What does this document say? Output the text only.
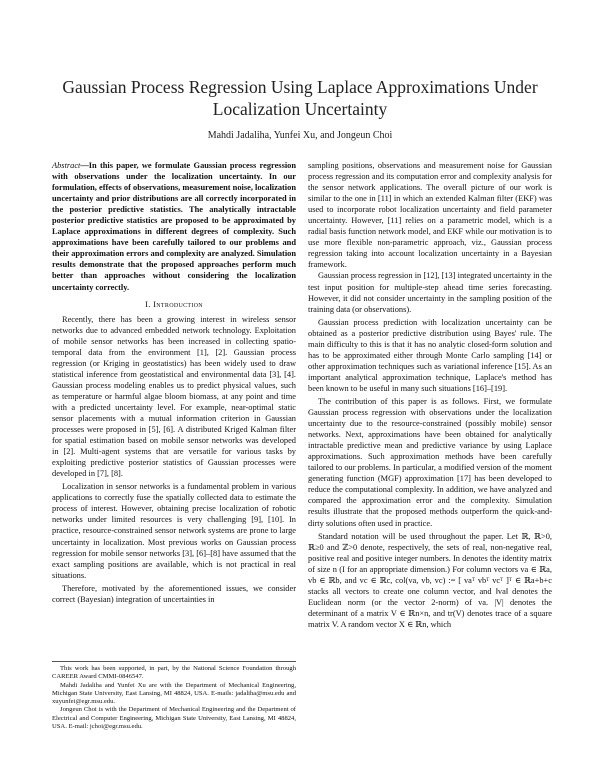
Gaussian Process Regression Using Laplace Approximations Under Localization Uncertainty
Mahdi Jadaliha, Yunfei Xu, and Jongeun Choi
Abstract—In this paper, we formulate Gaussian process regression with observations under the localization uncertainty. In our formulation, effects of observations, measurement noise, localization uncertainty and prior distributions are all correctly incorporated in the posterior predictive statistics. The analytically intractable posterior predictive statistics are proposed to be approximated by Laplace approximations in different degrees of complexity. Such approximations have been carefully tailored to our problems and their approximation errors and complexity are analyzed. Simulation results demonstrate that the proposed approaches perform much better than approaches without considering the localization uncertainty correctly.
I. Introduction

Recently, there has been a growing interest in wireless sensor networks due to advanced embedded network technology. Exploitation of mobile sensor networks has been increased in collecting spatio-temporal data from the environment [1], [2]. Gaussian process regression (or Kriging in geostatistics) has been widely used to draw statistical inference from geostatistical and environmental data [3], [4]. Gaussian process modeling enables us to predict physical values, such as temperature or harmful algae bloom biomass, at any point and time with a predicted uncertainty level. For example, near-optimal static sensor placements with a mutual information criterion in Gaussian processes were proposed in [5], [6]. A distributed Kriged Kalman filter for spatial estimation based on mobile sensor networks was developed in [2]. Multi-agent systems that are versatile for various tasks by exploiting predictive posterior statistics of Gaussian processes were developed in [7], [8].

Localization in sensor networks is a fundamental problem in various applications to correctly fuse the spatially collected data to estimate the process of interest. However, obtaining precise localization of robotic networks under limited resources is very challenging [9], [10]. In practice, resource-constrained sensor network systems are prone to large uncertainty in localization. Most previous works on Gaussian process regression for mobile sensor networks [3], [6]–[8] have assumed that the exact sampling positions are available, which is not practical in real situations.

Therefore, motivated by the aforementioned issues, we consider correct (Bayesian) integration of uncertainties in

sampling positions, observations and measurement noise for Gaussian process regression and its computation error and complexity analysis for the sensor network applications. The overall picture of our work is similar to the one in [11] in which an extended Kalman filter (EKF) was used to incorporate robot localization uncertainty and field parameter uncertainty. However, [11] relies on a parametric model, which is a radial basis function network model, and EKF while our motivation is to use more flexible non-parametric approach, viz., Gaussian process regression taking into account localization uncertainty in a Bayesian framework.

Gaussian process regression in [12], [13] integrated uncertainty in the test input position for multiple-step ahead time series forecasting. However, it did not consider uncertainty in the sampling position of the training data (or observations).

Gaussian process prediction with localization uncertainty can be obtained as a posterior predictive distribution using Bayes' rule. The main difficulty to this is that it has no analytic closed-form solution and has to be approximated either through Monte Carlo sampling [14] or other approximation techniques such as variational inference [15]. As an important analytical approximation technique, Laplace's method has been known to be useful in many such situations [16]–[19].

The contribution of this paper is as follows. First, we formulate Gaussian process regression with observations under the localization uncertainty due to the resource-constrained (possibly mobile) sensor networks. Next, approximations have been obtained for analytically intractable predictive mean and predictive variance by using Laplace approximations. Such approximation methods have been carefully tailored to our problems. In particular, a modified version of the moment generating function (MGF) approximation [17] has been developed to reduce the computational complexity. In addition, we have analyzed and compared the approximation error and the complexity. Simulation results illustrate that the proposed methods outperform the quick-and-dirty solutions often used in practice.

Standard notation will be used throughout the paper. Let ℝ, ℝ>0, ℝ≥0 and ℤ>0 denote, respectively, the sets of real, non-negative real, positive real and positive integer numbers. In denotes the identity matrix of size n (I for an appropriate dimension.) For column vectors va ∈ ℝa, vb ∈ ℝb, and vc ∈ ℝc, col(va, vb, vc) := [ vaᵀ vbᵀ vcᵀ ]ᵀ ∈ ℝa+b+c stacks all vectors to create one column vector, and ‖va‖ denotes the Euclidean norm (or the vector 2-norm) of va. |V| denotes the determinant of a matrix V ∈ ℝn×n, and tr(V) denotes trace of a square matrix V. A random vector X ∈ ℝn, which

This work has been supported, in part, by the National Science Foundation through CAREER Award CMMI-0846547.

Mahdi Jadaliha and Yunfei Xu are with the Department of Mechanical Engineering, Michigan State University, East Lansing, MI 48824, USA. E-mails: jadaliha@msu.edu and xuyunfei@egr.msu.edu.

Jongeun Choi is with the Department of Mechanical Engineering and the Department of Electrical and Computer Engineering, Michigan State University, East Lansing, MI 48824, USA. E-mail: jchoi@egr.msu.edu.
